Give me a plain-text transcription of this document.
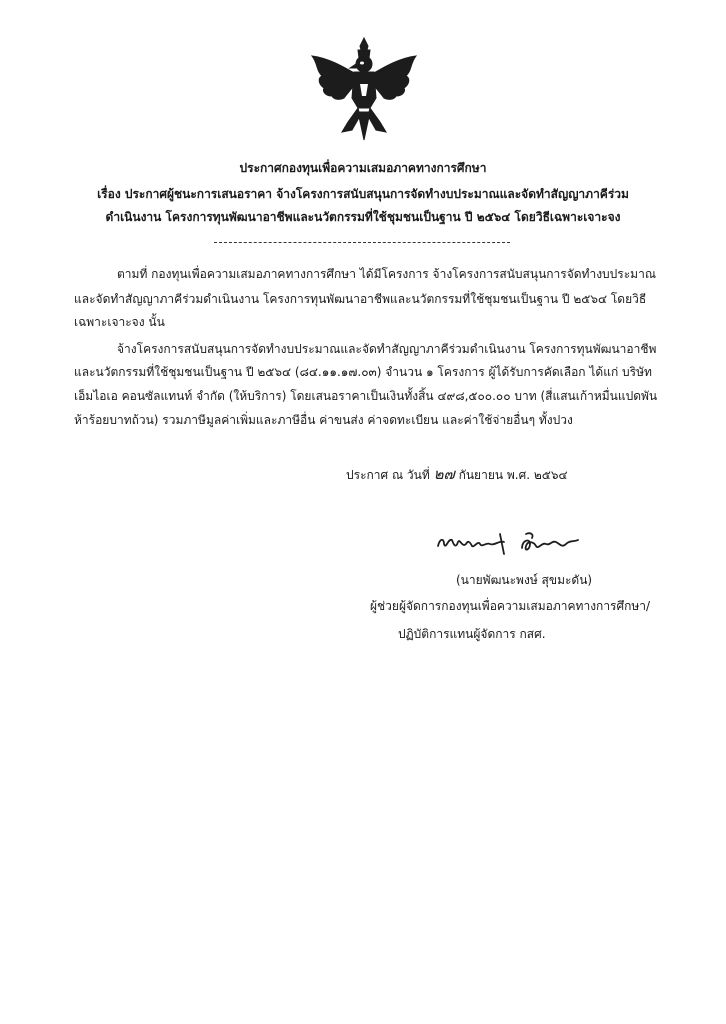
ประกาศกองทุนเพื่อความเสมอภาคทางการศึกษา
เรื่อง ประกาศผู้ชนะการเสนอราคา จ้างโครงการสนับสนุนการจัดทำงบประมาณและจัดทำสัญญาภาคีร่วม
ดำเนินงาน โครงการทุนพัฒนาอาชีพและนวัตกรรมที่ใช้ชุมชนเป็นฐาน ปี ๒๕๖๔ โดยวิธีเฉพาะเจาะจง
ตามที่ กองทุนเพื่อความเสมอภาคทางการศึกษา ได้มีโครงการ จ้างโครงการสนับสนุนการจัดทำงบประมาณ
และจัดทำสัญญาภาคีร่วมดำเนินงาน โครงการทุนพัฒนาอาชีพและนวัตกรรมที่ใช้ชุมชนเป็นฐาน ปี ๒๕๖๔ โดยวิธี
เฉพาะเจาะจง นั้น
จ้างโครงการสนับสนุนการจัดทำงบประมาณและจัดทำสัญญาภาคีร่วมดำเนินงาน โครงการทุนพัฒนาอาชีพ
และนวัตกรรมที่ใช้ชุมชนเป็นฐาน ปี ๒๕๖๔ (๘๔.๑๑.๑๗.๐๓) จำนวน ๑ โครงการ ผู้ได้รับการคัดเลือก ได้แก่ บริษัท
เอ็มไอเอ คอนซัลแทนท์ จำกัด (ให้บริการ) โดยเสนอราคาเป็นเงินทั้งสิ้น ๔๙๘,๕๐๐.๐๐ บาท (สี่แสนเก้าหมื่นแปดพัน
ห้าร้อยบาทถ้วน) รวมภาษีมูลค่าเพิ่มและภาษีอื่น ค่าขนส่ง ค่าจดทะเบียน และค่าใช้จ่ายอื่นๆ ทั้งปวง
ประกาศ ณ วันที่ ๒๗ กันยายน พ.ศ. ๒๕๖๔
(นายพัฒนะพงษ์ สุขมะดัน)
ผู้ช่วยผู้จัดการกองทุนเพื่อความเสมอภาคทางการศึกษา/
ปฏิบัติการแทนผู้จัดการ กสศ.
